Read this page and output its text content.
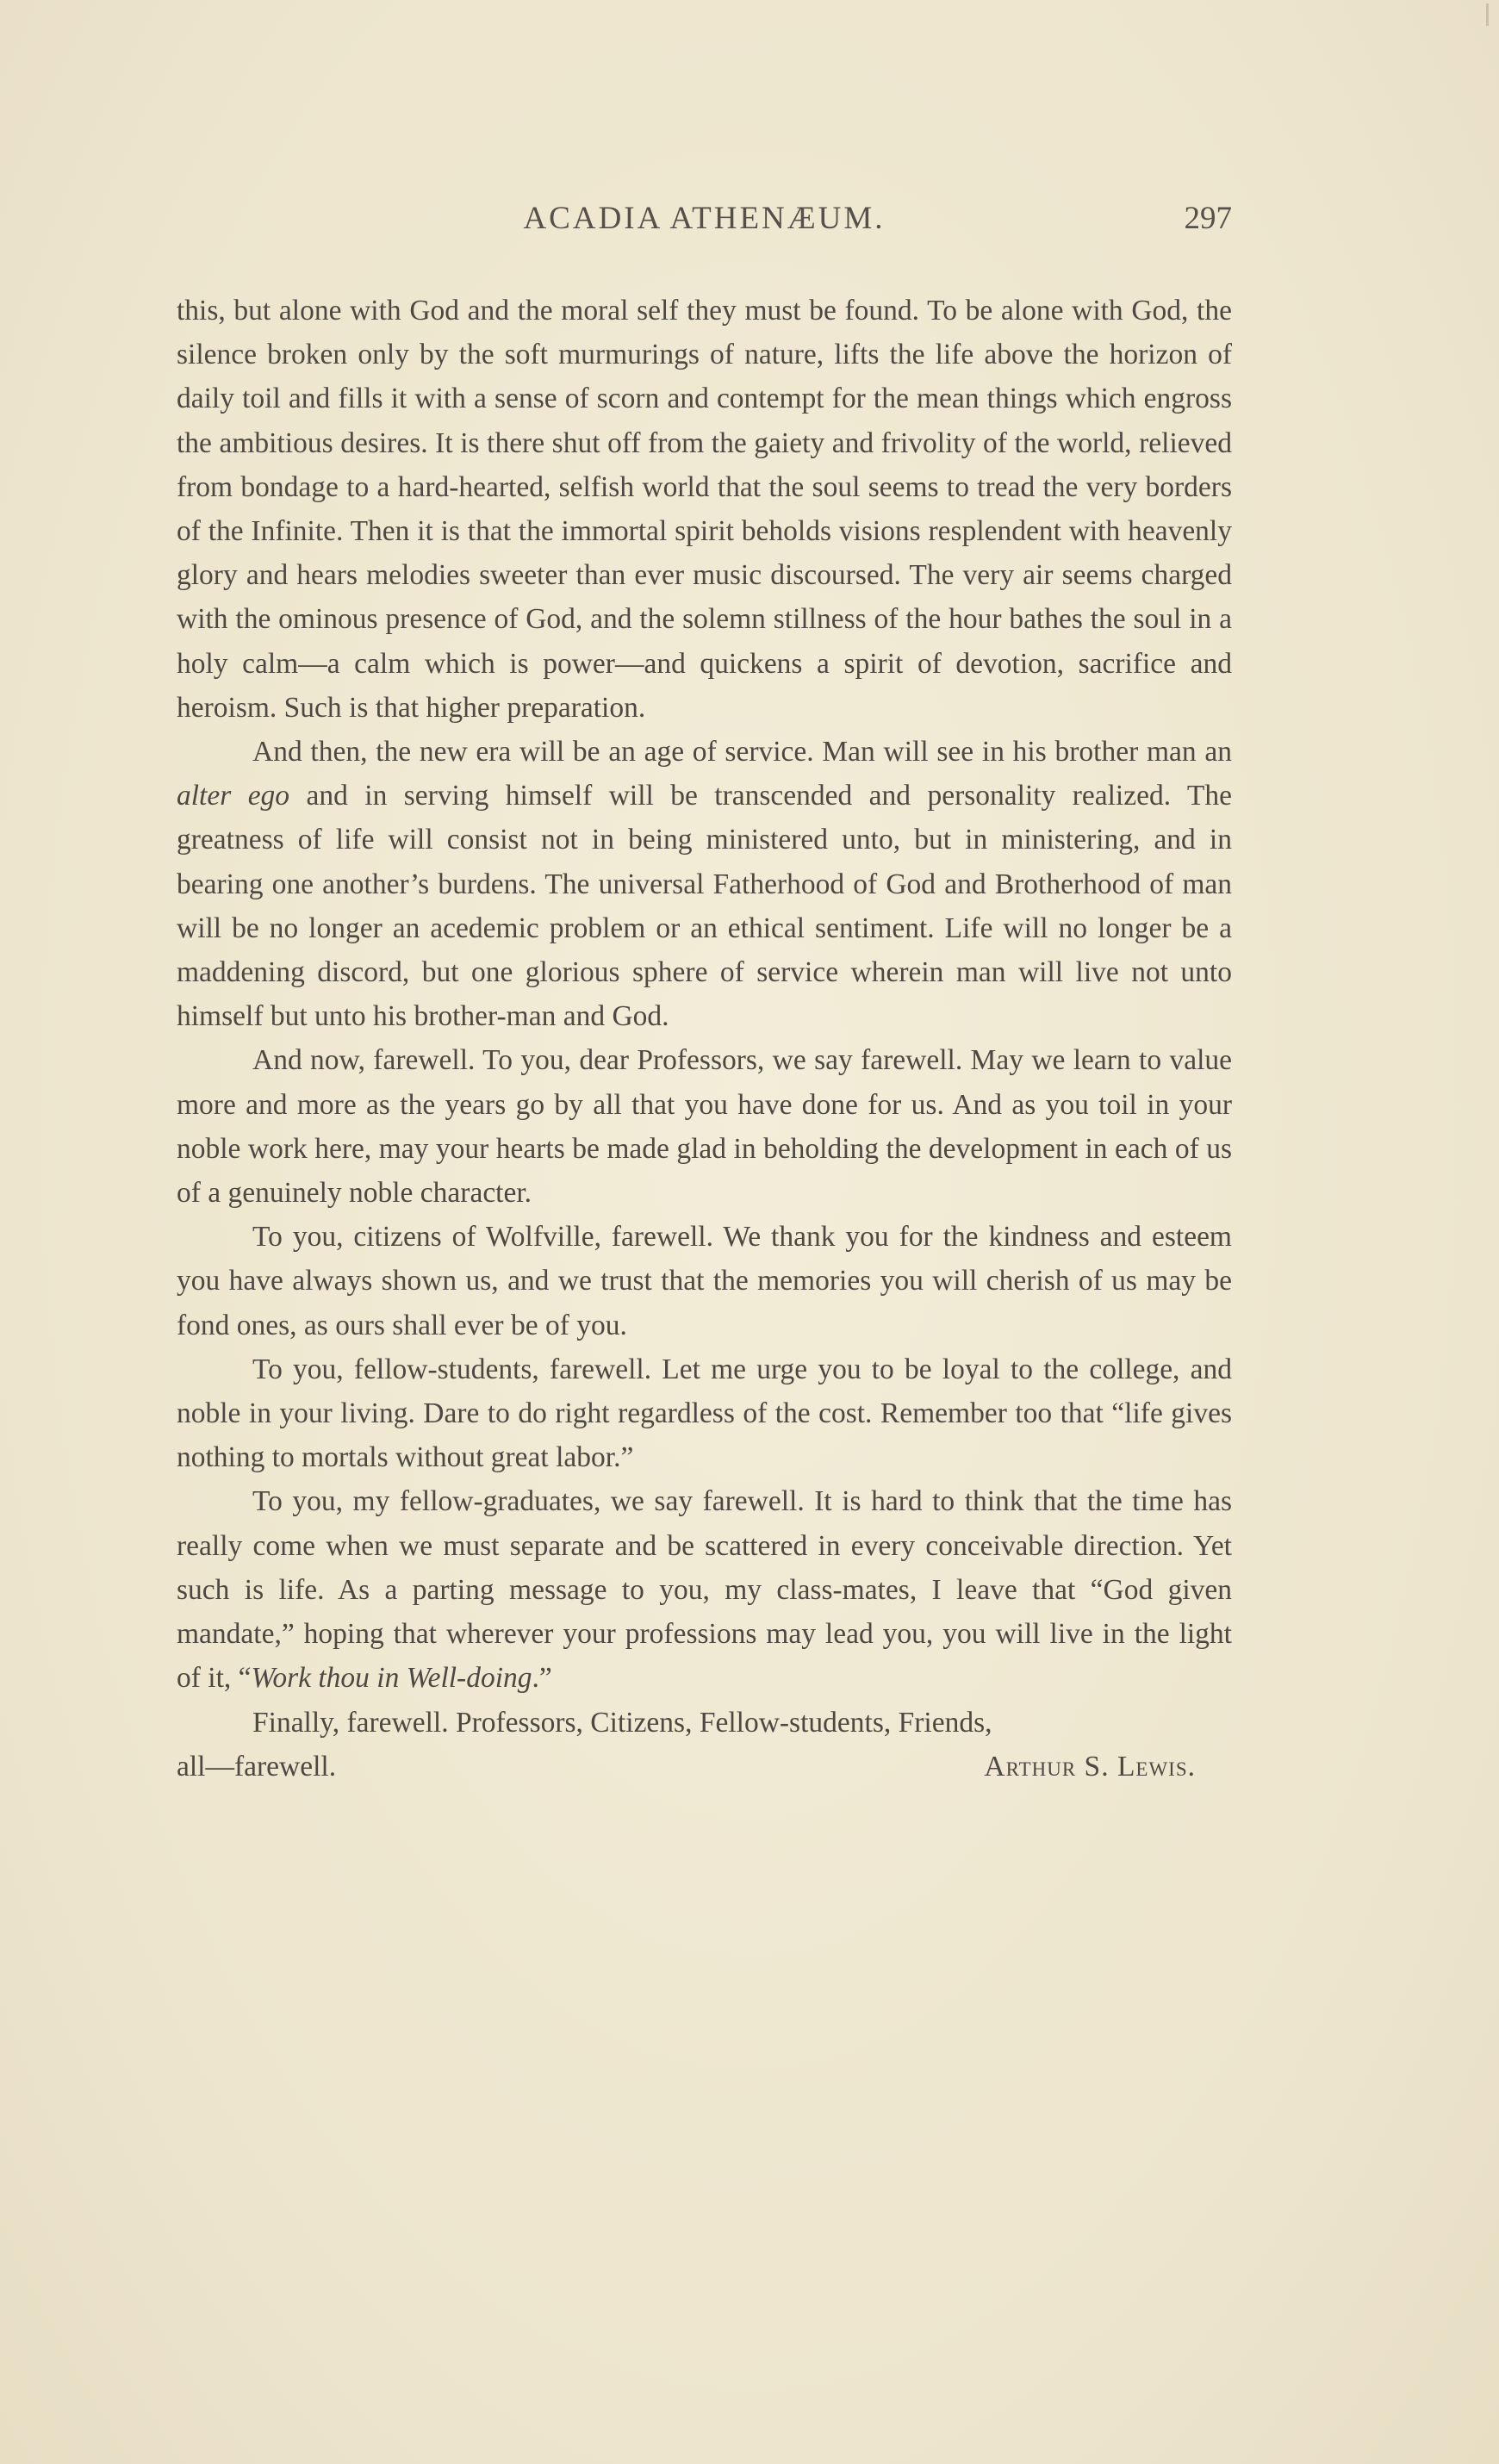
ACADIA ATHENÆUM.	297

this, but alone with God and the moral self they must be found. To be alone with God, the silence broken only by the soft murmurings of nature, lifts the life above the horizon of daily toil and fills it with a sense of scorn and contempt for the mean things which engross the ambitious desires. It is there shut off from the gaiety and frivolity of the world, relieved from bondage to a hard-hearted, selfish world that the soul seems to tread the very borders of the Infinite. Then it is that the immortal spirit beholds visions resplendent with heavenly glory and hears melodies sweeter than ever music discoursed. The very air seems charged with the ominous presence of God, and the solemn stillness of the hour bathes the soul in a holy calm—a calm which is power—and quickens a spirit of devotion, sacrifice and heroism. Such is that higher preparation.

And then, the new era will be an age of service. Man will see in his brother man an alter ego and in serving himself will be transcended and personality realized. The greatness of life will consist not in being ministered unto, but in ministering, and in bearing one another’s burdens. The universal Fatherhood of God and Brotherhood of man will be no longer an acedemic problem or an ethical sentiment. Life will no longer be a maddening discord, but one glorious sphere of service wherein man will live not unto himself but unto his brother-man and God.

And now, farewell. To you, dear Professors, we say farewell. May we learn to value more and more as the years go by all that you have done for us. And as you toil in your noble work here, may your hearts be made glad in beholding the development in each of us of a genuinely noble character.

To you, citizens of Wolfville, farewell. We thank you for the kindness and esteem you have always shown us, and we trust that the memories you will cherish of us may be fond ones, as ours shall ever be of you.

To you, fellow-students, farewell. Let me urge you to be loyal to the college, and noble in your living. Dare to do right regardless of the cost. Remember too that “life gives nothing to mortals without great labor.”

To you, my fellow-graduates, we say farewell. It is hard to think that the time has really come when we must separate and be scattered in every conceivable direction. Yet such is life. As a parting message to you, my class-mates, I leave that “God given mandate,” hoping that wherever your professions may lead you, you will live in the light of it, “Work thou in Well-doing.”

Finally, farewell. Professors, Citizens, Fellow-students, Friends,

all—farewell.	Arthur S. Lewis.
